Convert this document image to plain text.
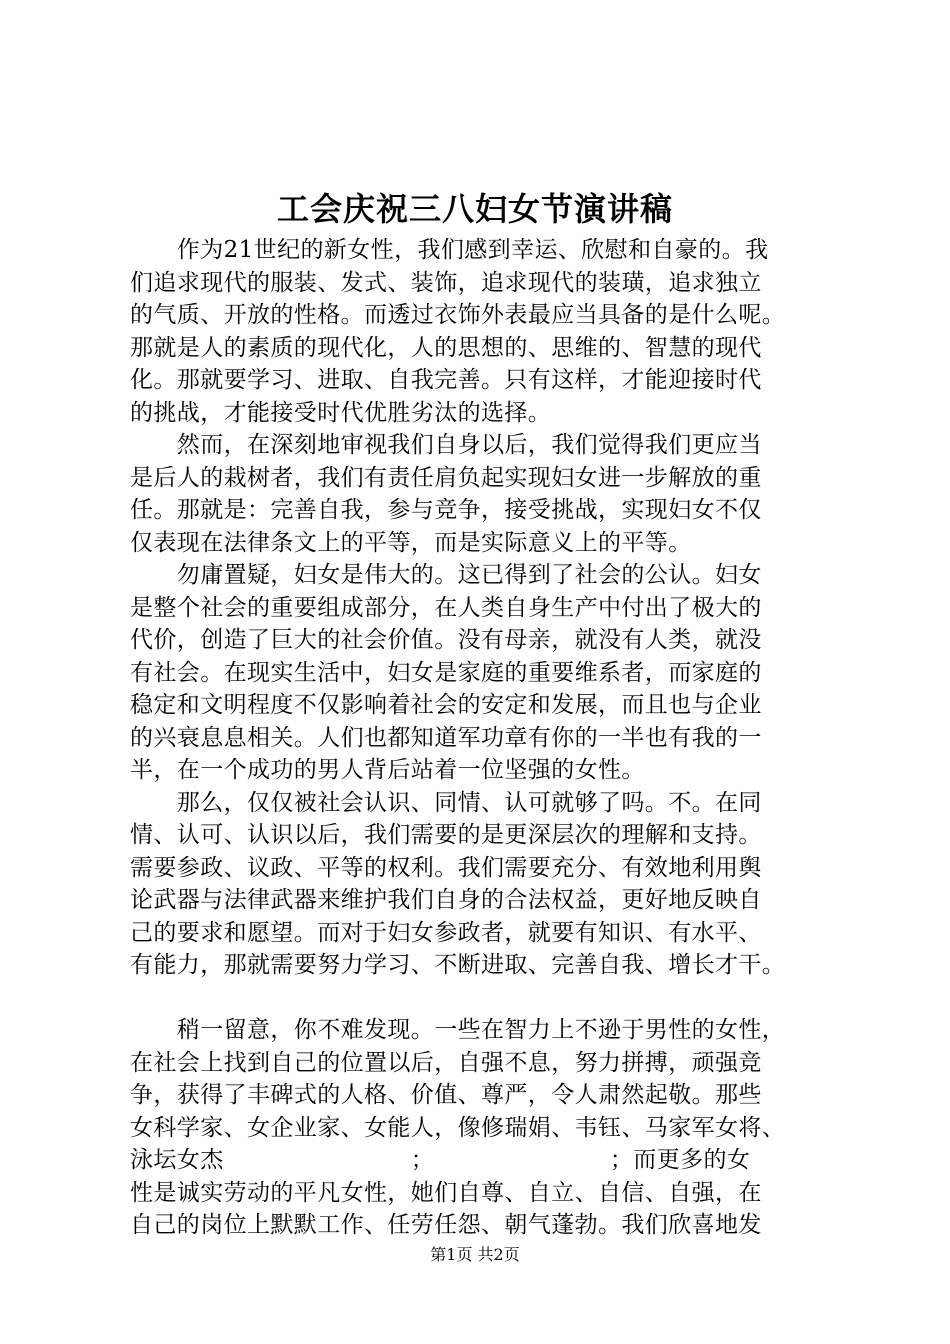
工会庆祝三八妇女节演讲稿
　　作为21世纪的新女性，我们感到幸运、欣慰和自豪的。我
们追求现代的服装、发式、装饰，追求现代的装璜，追求独立
的气质、开放的性格。而透过衣饰外表最应当具备的是什么呢。
那就是人的素质的现代化，人的思想的、思维的、智慧的现代
化。那就要学习、进取、自我完善。只有这样，才能迎接时代
的挑战，才能接受时代优胜劣汰的选择。
　　然而，在深刻地审视我们自身以后，我们觉得我们更应当
是后人的栽树者，我们有责任肩负起实现妇女进一步解放的重
任。那就是：完善自我，参与竞争，接受挑战，实现妇女不仅
仅表现在法律条文上的平等，而是实际意义上的平等。
　　勿庸置疑，妇女是伟大的。这已得到了社会的公认。妇女
是整个社会的重要组成部分，在人类自身生产中付出了极大的
代价，创造了巨大的社会价值。没有母亲，就没有人类，就没
有社会。在现实生活中，妇女是家庭的重要维系者，而家庭的
稳定和文明程度不仅影响着社会的安定和发展，而且也与企业
的兴衰息息相关。人们也都知道军功章有你的一半也有我的一
半，在一个成功的男人背后站着一位坚强的女性。
　　那么，仅仅被社会认识、同情、认可就够了吗。不。在同
情、认可、认识以后，我们需要的是更深层次的理解和支持。
需要参政、议政、平等的权利。我们需要充分、有效地利用舆
论武器与法律武器来维护我们自身的合法权益，更好地反映自
己的要求和愿望。而对于妇女参政者，就要有知识、有水平、
有能力，那就需要努力学习、不断进取、完善自我、增长才干。
　　稍一留意，你不难发现。一些在智力上不逊于男性的女性，
在社会上找到自己的位置以后，自强不息，努力拼搏，顽强竞
争，获得了丰碑式的人格、价值、尊严，令人肃然起敬。那些
女科学家、女企业家、女能人，像修瑞娟、韦钰、马家军女将、
泳坛女杰　　　　　　　　；　　　　　　　　；而更多的女
性是诚实劳动的平凡女性，她们自尊、自立、自信、自强，在
自己的岗位上默默工作、任劳任怨、朝气蓬勃。我们欣喜地发
第1页 共2页
